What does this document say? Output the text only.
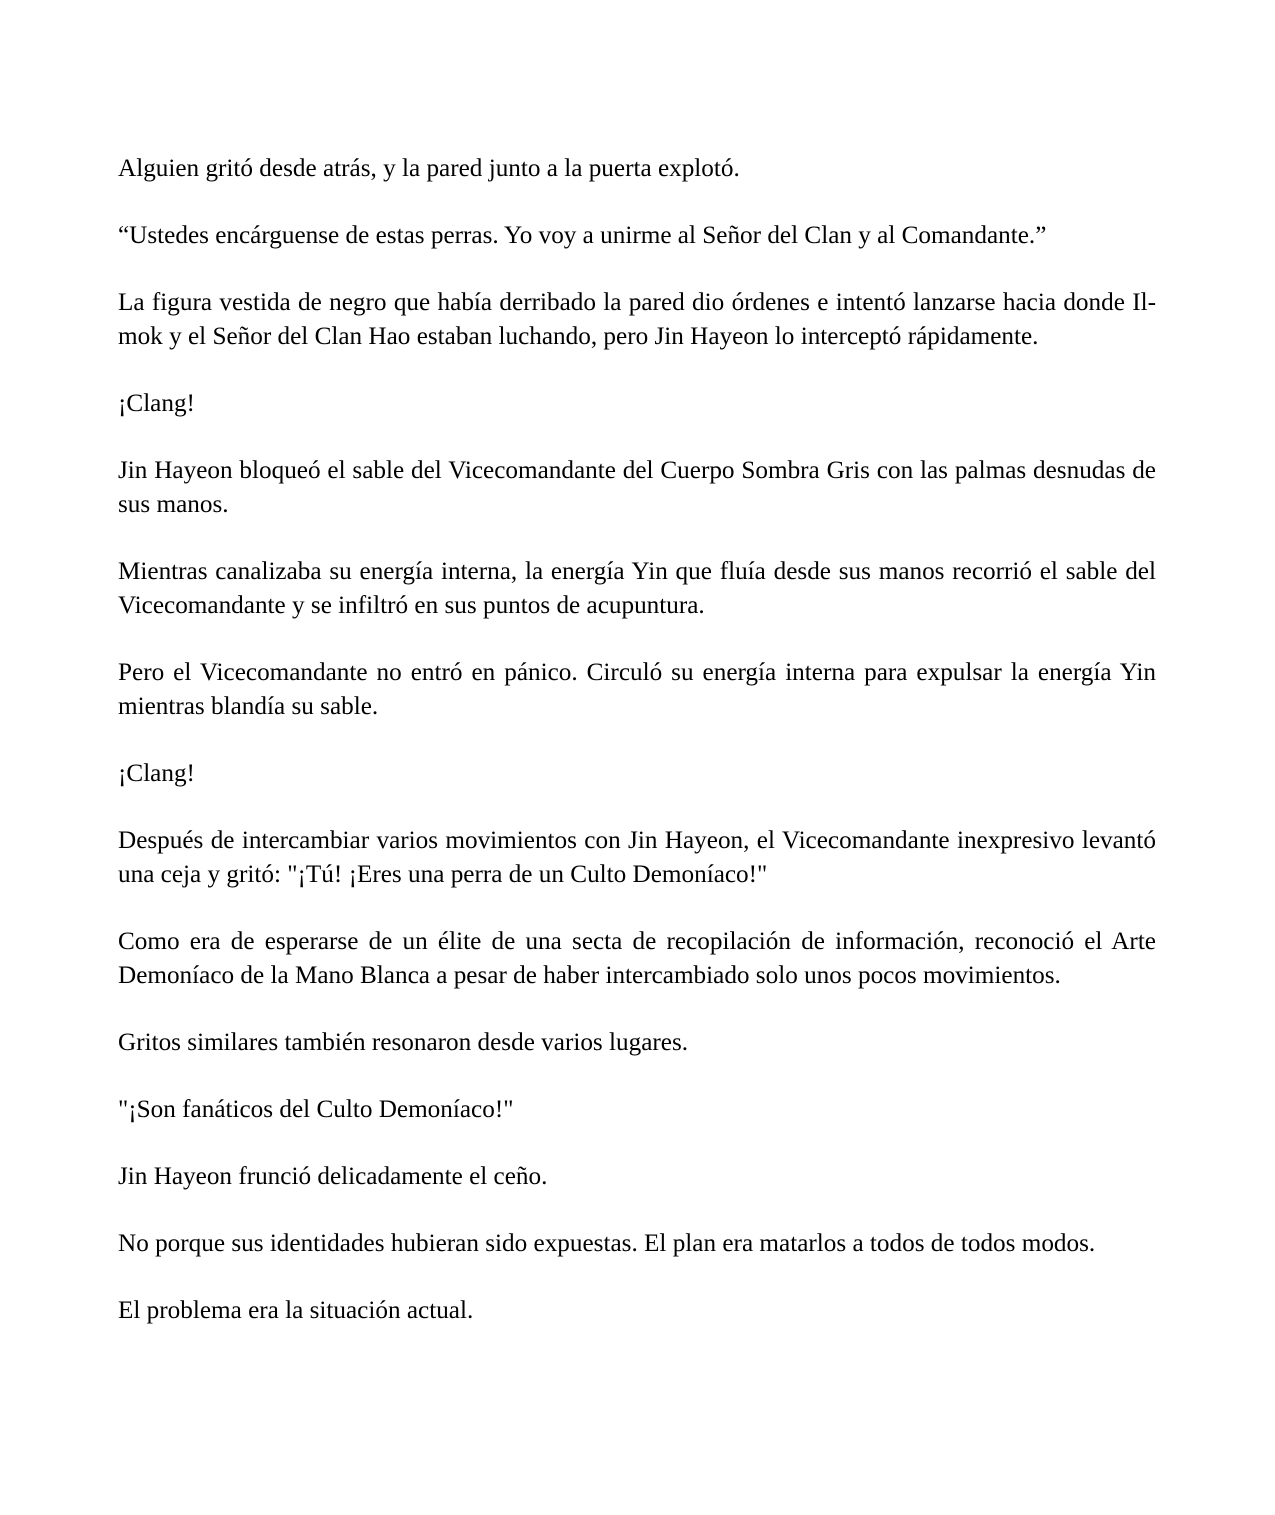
Alguien gritó desde atrás, y la pared junto a la puerta explotó.

“Ustedes encárguense de estas perras. Yo voy a unirme al Señor del Clan y al Comandante.”

La figura vestida de negro que había derribado la pared dio órdenes e intentó lanzarse hacia donde Il-mok y el Señor del Clan Hao estaban luchando, pero Jin Hayeon lo interceptó rápidamente.

¡Clang!

Jin Hayeon bloqueó el sable del Vicecomandante del Cuerpo Sombra Gris con las palmas desnudas de sus manos.

Mientras canalizaba su energía interna, la energía Yin que fluía desde sus manos recorrió el sable del Vicecomandante y se infiltró en sus puntos de acupuntura.

Pero el Vicecomandante no entró en pánico. Circuló su energía interna para expulsar la energía Yin mientras blandía su sable.

¡Clang!

Después de intercambiar varios movimientos con Jin Hayeon, el Vicecomandante inexpresivo levantó una ceja y gritó: "¡Tú! ¡Eres una perra de un Culto Demoníaco!"

Como era de esperarse de un élite de una secta de recopilación de información, reconoció el Arte Demoníaco de la Mano Blanca a pesar de haber intercambiado solo unos pocos movimientos.

Gritos similares también resonaron desde varios lugares.

"¡Son fanáticos del Culto Demoníaco!"

Jin Hayeon frunció delicadamente el ceño.

No porque sus identidades hubieran sido expuestas. El plan era matarlos a todos de todos modos.

El problema era la situación actual.
